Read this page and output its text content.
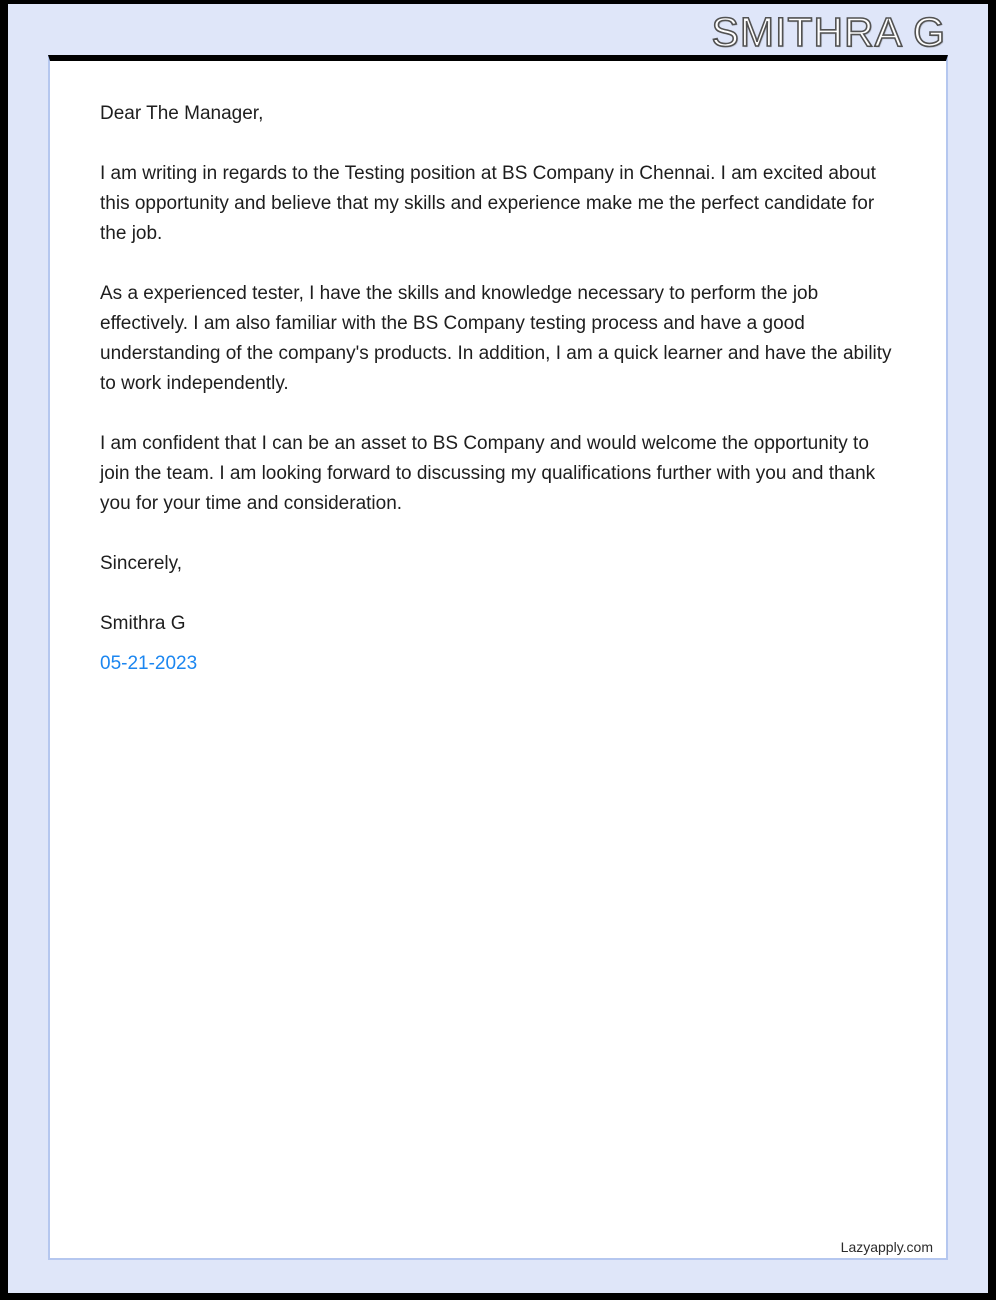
SMITHRA G

Dear The Manager,

I am writing in regards to the Testing position at BS Company in Chennai. I am excited about this opportunity and believe that my skills and experience make me the perfect candidate for the job.

As a experienced tester, I have the skills and knowledge necessary to perform the job effectively. I am also familiar with the BS Company testing process and have a good understanding of the company's products. In addition, I am a quick learner and have the ability to work independently.

I am confident that I can be an asset to BS Company and would welcome the opportunity to join the team. I am looking forward to discussing my qualifications further with you and thank you for your time and consideration.

Sincerely,

Smithra G

05-21-2023

Lazyapply.com
